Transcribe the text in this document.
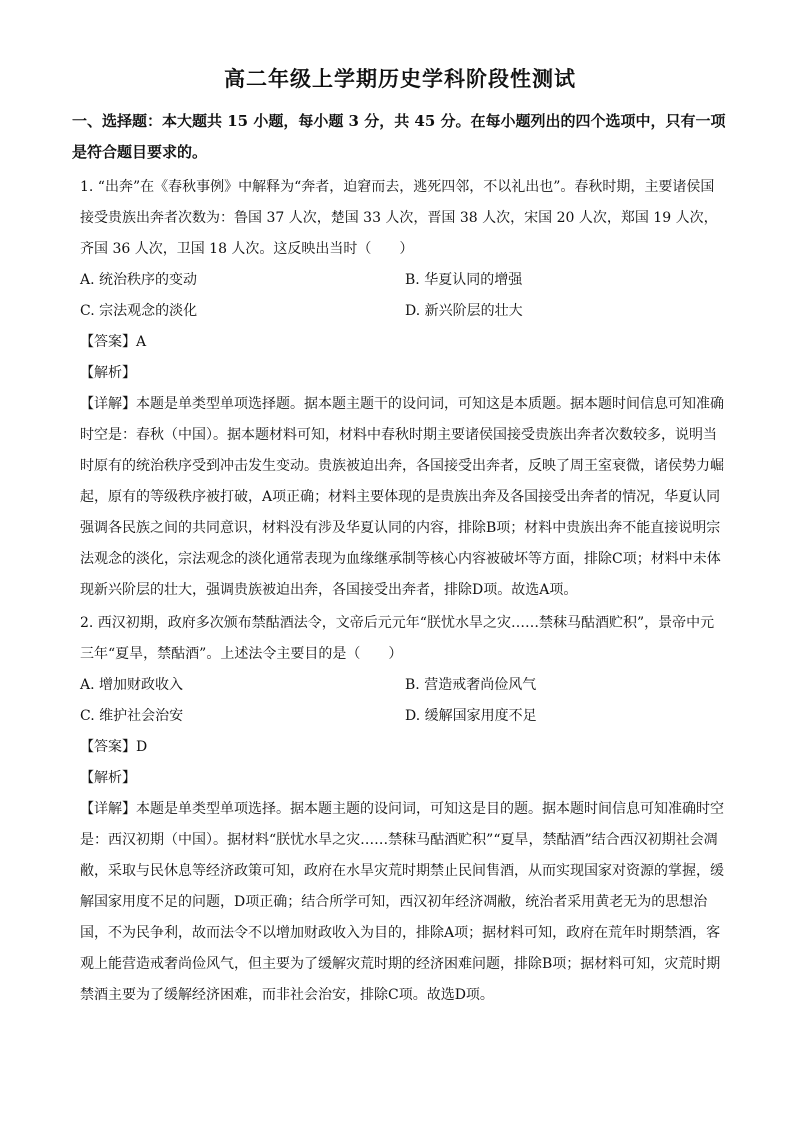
高二年级上学期历史学科阶段性测试
一、选择题：本大题共 15 小题，每小题 3 分，共 45 分。在每小题列出的四个选项中，只有一项是符合题目要求的。

1. “出奔”在《春秋事例》中解释为“奔者，迫窘而去，逃死四邻，不以礼出也”。春秋时期，主要诸侯国接受贵族出奔者次数为：鲁国 37 人次，楚国 33 人次，晋国 38 人次，宋国 20 人次，郑国 19 人次，齐国 36 人次，卫国 18 人次。这反映出当时（　　）

A. 统治秩序的变动	B. 华夏认同的增强
C. 宗法观念的淡化	D. 新兴阶层的壮大
【答案】A
【解析】

【详解】本题是单类型单项选择题。据本题主题干的设问词，可知这是本质题。据本题时间信息可知准确时空是：春秋（中国）。据本题材料可知，材料中春秋时期主要诸侯国接受贵族出奔者次数较多，说明当时原有的统治秩序受到冲击发生变动。贵族被迫出奔，各国接受出奔者，反映了周王室衰微，诸侯势力崛起，原有的等级秩序被打破，A项正确；材料主要体现的是贵族出奔及各国接受出奔者的情况，华夏认同强调各民族之间的共同意识，材料没有涉及华夏认同的内容，排除B项；材料中贵族出奔不能直接说明宗法观念的淡化，宗法观念的淡化通常表现为血缘继承制等核心内容被破坏等方面，排除C项；材料中未体现新兴阶层的壮大，强调贵族被迫出奔，各国接受出奔者，排除D项。故选A项。

2. 西汉初期，政府多次颁布禁酤酒法令，文帝后元元年“朕忧水旱之灾……禁秣马酤酒贮积”，景帝中元三年“夏旱，禁酤酒”。上述法令主要目的是（　　）

A. 增加财政收入	B. 营造戒奢尚俭风气
C. 维护社会治安	D. 缓解国家用度不足
【答案】D
【解析】

【详解】本题是单类型单项选择。据本题主题的设问词，可知这是目的题。据本题时间信息可知准确时空是：西汉初期（中国）。据材料“朕忧水旱之灾……禁秣马酤酒贮积”“夏旱，禁酤酒”结合西汉初期社会凋敝，采取与民休息等经济政策可知，政府在水旱灾荒时期禁止民间售酒，从而实现国家对资源的掌握，缓解国家用度不足的问题，D项正确；结合所学可知，西汉初年经济凋敝，统治者采用黄老无为的思想治国，不为民争利，故而法令不以增加财政收入为目的，排除A项；据材料可知，政府在荒年时期禁酒，客观上能营造戒奢尚俭风气，但主要为了缓解灾荒时期的经济困难问题，排除B项；据材料可知，灾荒时期禁酒主要为了缓解经济困难，而非社会治安，排除C项。故选D项。
